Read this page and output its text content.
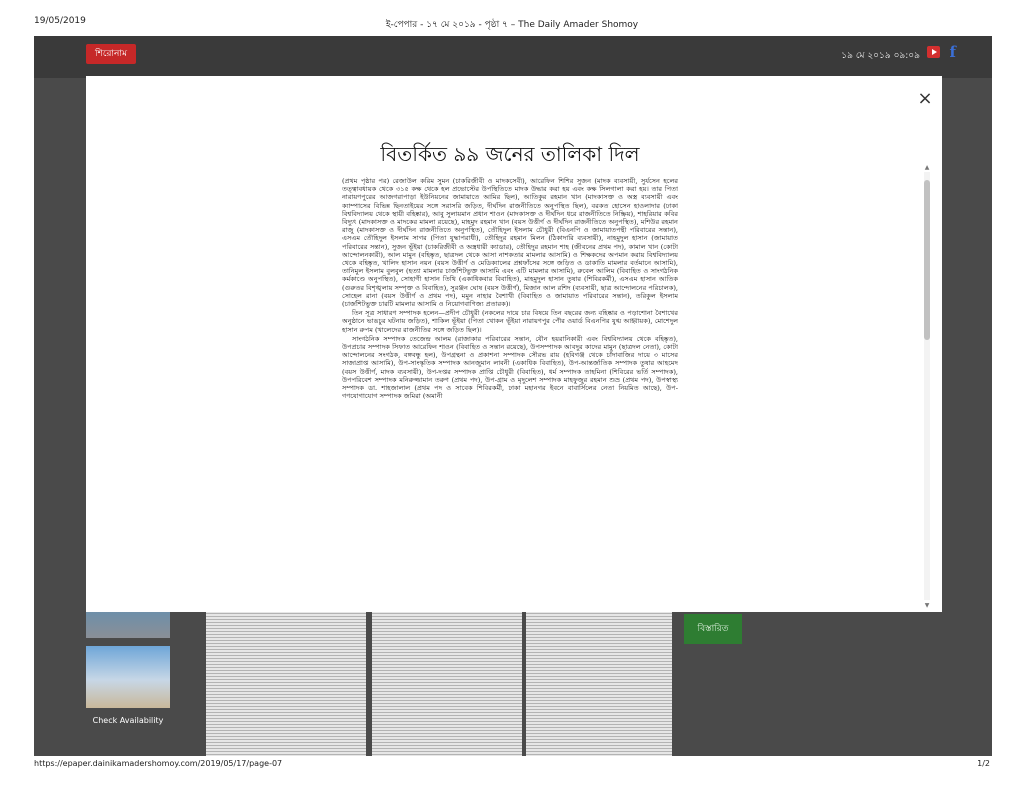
19/05/2019	ই-পেপার - ১৭ মে ২০১৯ - পৃষ্ঠা ৭ – The Daily Amader Shomoy
শিরোনাম	১৯ মে ২০১৯ ০৯:০৯ f
Check Availability
বিস্তারিত
×
বিতর্কিত ৯৯ জনের তালিকা দিল

(প্রথম পৃষ্ঠার পর) রেজাউল করিম সুমন (চাকরিজীবী ও মাদকসেবী), আরেফিন শিশির সুজন (মাদক ব্যবসায়ী, সুর্যসেন হলের তত্ত্বাবধায়ক থেকে ৩১৫ কক্ষ থেকে হল প্রভোস্টের উপস্থিতিতে মাদক উদ্ধার করা হয় এবং কক্ষ সিলগালা করা হয়। তার পিতা নারায়ণপুরের আজগরাপাড়া ইউনিয়নের জামায়াতে আমির ছিল), আতিকুর রহমান খান (মাদকাসক্ত ও অস্ত্র ব্যবসায়ী এবং ক্যাম্পাসের বিভিন্ন ছিনতাইয়ের সঙ্গে সরাসরি জড়িত, দীর্ঘদিন রাজনীতিতে অনুপস্থিত ছিল), বরকত হোসেন হাওলাদার (ঢাকা বিশ্ববিদ্যালয় থেকে স্থায়ী বহিষ্কার), আবু সুলায়মান প্রধান শাওন (মাদকাসক্ত ও দীর্ঘদিন ধরে রাজনীতিতে নিষ্ক্রিয়), শাহরিয়ার কবির বিদ্যুৎ (মাদকাসক্ত ও মাদকের মামলা রয়েছে), মাহমুদ রহমান খান (বয়স উত্তীর্ণ ও দীর্ঘদিন রাজনীতিতে অনুপস্থিত), মশিউর রহমান রাজু (মাদকাসক্ত ও দীর্ঘদিন রাজনীতিতে অনুপস্থিত), তৌহিদুল ইসলাম চৌধুরী (বিএনপি ও জামায়াতপন্থী পরিবারের সন্তান), এসএম তৌহিদুল ইসলাম সাগর (পিতা যুদ্ধাপরাধী), তৌহিদুর রহমান মিলন (ঠিকাদারি ব্যবসায়ী), নাহমুদুল হাসান (জামায়াত পরিবারের সন্তান), সুজন ভূঁইয়া (চাকরিজীবী ও অস্ত্রধারী ক্যাডার), তৌহিদুর রহমান শাহ (জীবনের প্রথম পদ), কামাল খান (কোটা আন্দোলনকারী), আল মামুন (বহিষ্কৃত, ছাত্রদল থেকে আসা নাশকতার মামলার আসামি) ও শিক্ষকদের অপমান করায় বিশ্ববিদ্যালয় থেকে বহিষ্কৃত, খালিদ হাসান নয়ন (বয়স উত্তীর্ণ ও মেডিক্যালের প্রশ্নফাঁসের সঙ্গে জড়িত ও ডাকাতি মামলার বর্তমানে আসামি), তানিমুল ইসলাম বুলবুল (হত্যা মামলার চার্জশিটভুক্ত আসামি এবং এটি মামলার আসামি), রুবেল আলিম (বিবাহিত ও সাংগঠনিক কর্মকাণ্ডে অনুপস্থিত), সোহাগী হাসান তিথি (একাধিকবার বিবাহিত), মাহমুদুল হাসান তুষার (শিবিরকর্মী), এসএম হাসান আতিক (গুরুতর বিশৃঙ্খলায় সম্পৃক্ত ও বিবাহিত), সুরঞ্জন ঘোষ (বয়স উত্তীর্ণ), মিজান আল রশিদ (ব্যবসায়ী, ছাত্র আন্দোলনের পরিচালক), সোহেল রানা (বয়স উত্তীর্ণ ও প্রথম পদ), মমুন নাহার বৈশাখী (বিবাহিত ও জামায়াত পরিবারের সন্তান), তরিকুল ইসলাম (চার্জশিটভুক্ত চারটি মামলার আসামি ও নিয়োগবাণিজ্য প্রতারক)।

তিন সূত্র সাধারণ সম্পাদক হলেন—প্রদীপ চৌধুরী (নকলের দায়ে চার বিষয়ে তিন বছরের জন্য বহিষ্কার ও পড়াশোনা বৈশাখের অনুষ্ঠানে ভাঙচুর ঘটনায় জড়িত), শাকিল ভূঁইয়া (পিতা খোকন ভূঁইয়া নারায়ণপুর পৌর ওয়ার্ড বিএনপির যুগ্ম আহ্বায়ক), মোশেদুল হাসান রুপম (খালেদের রাজনীতির সঙ্গে জড়িত ছিল)।

সাংগঠনিক সম্পাদক তেজেন্দ্র আলম (রাজাকার পরিবারের সন্তান, যৌন হয়রানিকারী এবং বিশ্ববিদ্যালয় থেকে বহিষ্কৃত), উপপ্রচার সম্পাদক সিফাত আরেফিন শাওন (বিবাহিত ও সন্তান রয়েছে), উপসম্পাদক আবদুর কাদের মামুন (ছাত্রদল নেতা), কোটা আন্দোলনের সংগঠক, বঙ্গবন্ধু হল), উপগ্রন্থনা ও প্রকাশনা সম্পাদক সৌরভ রায় (হবিগঞ্জ থেকে চাঁদাবাজির দায়ে ৩ মাসের সাজাপ্রাপ্ত আসামি), উপ-সাংস্কৃতিক সম্পাদক আনজুমান লাবনী (একাধিক বিবাহিত), উপ-আন্তর্জাতিক সম্পাদক তুষার আহমেদ (বয়স উত্তীর্ণ, মাদক ব্যবসায়ী), উপ-দপ্তর সম্পাদক প্রাপ্তি চৌধুরী (বিবাহিত), ধর্ম সম্পাদক তাহমিনা (শিবিরের ভর্তি সম্পাদক), উপপরিবেশ সম্পাদক মনিরুজ্জামান তরুণ (প্রথম পদ), উপ-গ্রাম ও মৃদুলেশ সম্পাদক মাহফুজুর রহমান শুভ্র (প্রথম পদ), উপস্বাস্থ্য সম্পাদক ডা. শাহজালাল (প্রথম পদ ও সাবেক শিবিরকর্মী, ঢাকা মহানগর ইবনে বাবার্সিলের নেতা নিয়মিত আছে), উপ-গণযোগাযোগ সম্পাদক জমিরা (অমানী

▲
▼
https://epaper.dainikamadershomoy.com/2019/05/17/page-07	1/2
